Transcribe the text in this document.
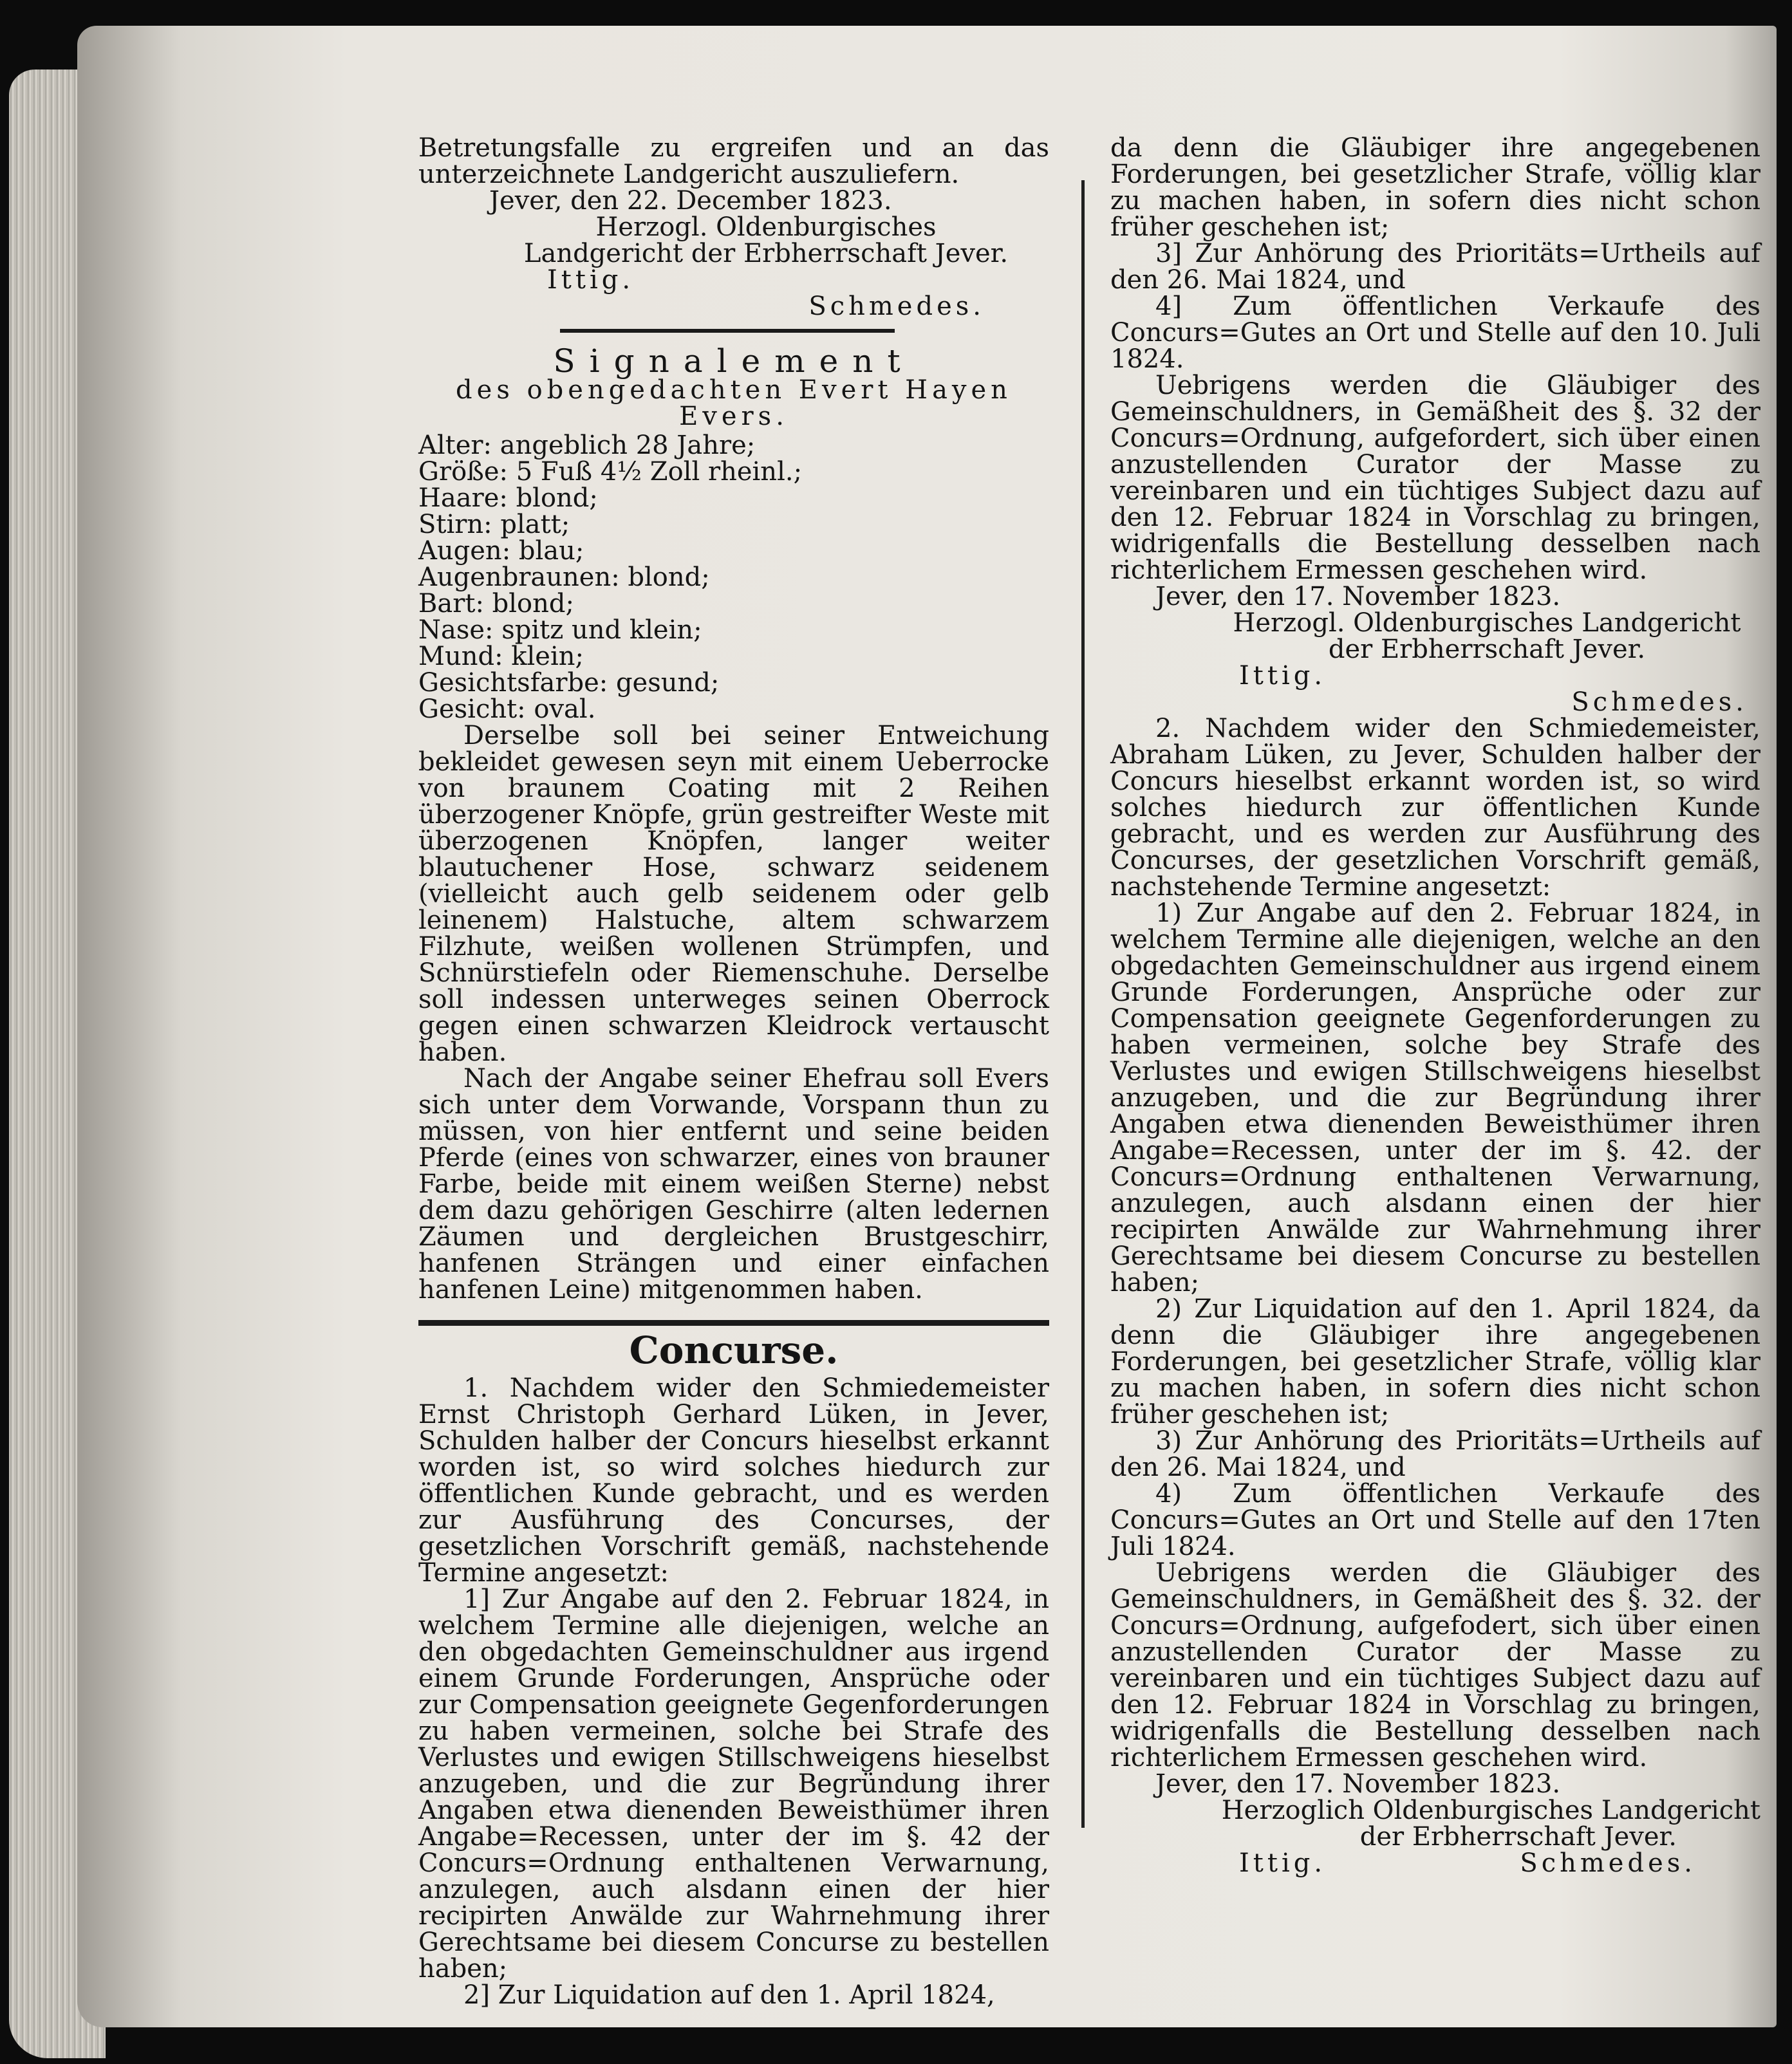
Betretungsfalle zu ergreifen und an das unterzeichnete Landgericht auszuliefern.

Jever, den 22. December 1823.

Herzogl. Oldenburgisches Landgericht der Erbherrschaft Jever.

Ittig.
Schmedes.

Signalement

des obengedachten Evert Hayen Evers.

Alter: angeblich 28 Jahre;

Größe: 5 Fuß 4½ Zoll rheinl.;

Haare: blond;

Stirn: platt;

Augen: blau;

Augenbraunen: blond;

Bart: blond;

Nase: spitz und klein;

Mund: klein;

Gesichtsfarbe: gesund;

Gesicht: oval.

Derselbe soll bei seiner Entweichung bekleidet gewesen seyn mit einem Ueberrocke von braunem Coating mit 2 Reihen überzogener Knöpfe, grün gestreifter Weste mit überzogenen Knöpfen, langer weiter blautuchener Hose, schwarz seidenem (vielleicht auch gelb seidenem oder gelb leinenem) Halstuche, altem schwarzem Filzhute, weißen wollenen Strümpfen, und Schnürstiefeln oder Riemenschuhe. Derselbe soll indessen unterweges seinen Oberrock gegen einen schwarzen Kleidrock vertauscht haben.

Nach der Angabe seiner Ehefrau soll Evers sich unter dem Vorwande, Vorspann thun zu müssen, von hier entfernt und seine beiden Pferde (eines von schwarzer, eines von brauner Farbe, beide mit einem weißen Sterne) nebst dem dazu gehörigen Geschirre (alten ledernen Zäumen und dergleichen Brustgeschirr, hanfenen Strängen und einer einfachen hanfenen Leine) mitgenommen haben.

Concurse.

1. Nachdem wider den Schmiedemeister Ernst Christoph Gerhard Lüken, in Jever, Schulden halber der Concurs hieselbst erkannt worden ist, so wird solches hiedurch zur öffentlichen Kunde gebracht, und es werden zur Ausführung des Concurses, der gesetzlichen Vorschrift gemäß, nachstehende Termine angesetzt:

1] Zur Angabe auf den 2. Februar 1824, in welchem Termine alle diejenigen, welche an den obgedachten Gemeinschuldner aus irgend einem Grunde Forderungen, Ansprüche oder zur Compensation geeignete Gegenforderungen zu haben vermeinen, solche bei Strafe des Verlustes und ewigen Stillschweigens hieselbst anzugeben, und die zur Begründung ihrer Angaben etwa dienenden Beweisthümer ihren Angabe=Recessen, unter der im §. 42 der Concurs=Ordnung enthaltenen Verwarnung, anzulegen, auch alsdann einen der hier recipirten Anwälde zur Wahrnehmung ihrer Gerechtsame bei diesem Concurse zu bestellen haben;

2] Zur Liquidation auf den 1. April 1824,

da denn die Gläubiger ihre angegebenen Forderungen, bei gesetzlicher Strafe, völlig klar zu machen haben, in sofern dies nicht schon früher geschehen ist;

3] Zur Anhörung des Prioritäts=Urtheils auf den 26. Mai 1824, und

4] Zum öffentlichen Verkaufe des Concurs=Gutes an Ort und Stelle auf den 10. Juli 1824.

Uebrigens werden die Gläubiger des Gemeinschuldners, in Gemäßheit des §. 32 der Concurs=Ordnung, aufgefordert, sich über einen anzustellenden Curator der Masse zu vereinbaren und ein tüchtiges Subject dazu auf den 12. Februar 1824 in Vorschlag zu bringen, widrigenfalls die Bestellung desselben nach richterlichem Ermessen geschehen wird.

Jever, den 17. November 1823.

Herzogl. Oldenburgisches Landgericht der Erbherrschaft Jever.

Ittig.
Schmedes.

2. Nachdem wider den Schmiedemeister, Abraham Lüken, zu Jever, Schulden halber der Concurs hieselbst erkannt worden ist, so wird solches hiedurch zur öffentlichen Kunde gebracht, und es werden zur Ausführung des Concurses, der gesetzlichen Vorschrift gemäß, nachstehende Termine angesetzt:

1) Zur Angabe auf den 2. Februar 1824, in welchem Termine alle diejenigen, welche an den obgedachten Gemeinschuldner aus irgend einem Grunde Forderungen, Ansprüche oder zur Compensation geeignete Gegenforderungen zu haben vermeinen, solche bey Strafe des Verlustes und ewigen Stillschweigens hieselbst anzugeben, und die zur Begründung ihrer Angaben etwa dienenden Beweisthümer ihren Angabe=Recessen, unter der im §. 42. der Concurs=Ordnung enthaltenen Verwarnung, anzulegen, auch alsdann einen der hier recipirten Anwälde zur Wahrnehmung ihrer Gerechtsame bei diesem Concurse zu bestellen haben;

2) Zur Liquidation auf den 1. April 1824, da denn die Gläubiger ihre angegebenen Forderungen, bei gesetzlicher Strafe, völlig klar zu machen haben, in sofern dies nicht schon früher geschehen ist;

3) Zur Anhörung des Prioritäts=Urtheils auf den 26. Mai 1824, und

4) Zum öffentlichen Verkaufe des Concurs=Gutes an Ort und Stelle auf den 17ten Juli 1824.

Uebrigens werden die Gläubiger des Gemeinschuldners, in Gemäßheit des §. 32. der Concurs=Ordnung, aufgefodert, sich über einen anzustellenden Curator der Masse zu vereinbaren und ein tüchtiges Subject dazu auf den 12. Februar 1824 in Vorschlag zu bringen, widrigenfalls die Bestellung desselben nach richterlichem Ermessen geschehen wird.

Jever, den 17. November 1823.

Herzoglich Oldenburgisches Landgericht

der Erbherrschaft Jever.

Ittig.	Schmedes.
